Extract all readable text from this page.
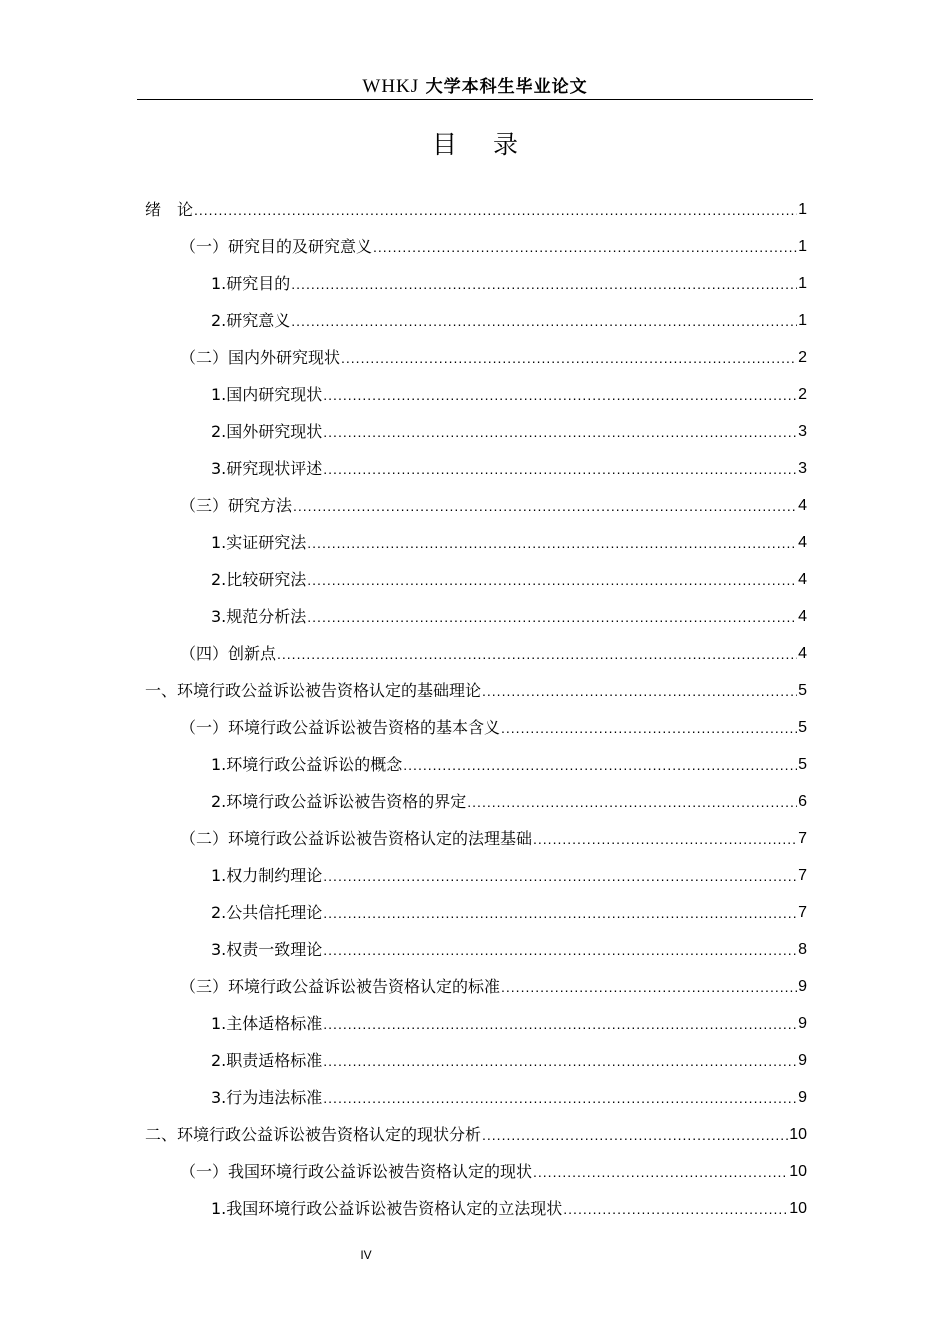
WHKJ 大学本科生毕业论文
目 录
绪　论 .....	1
（一）研究目的及研究意义 .....	1
1.研究目的 .....	1
2.研究意义 .....	1
（二）国内外研究现状 .....	2
1.国内研究现状 .....	2
2.国外研究现状 .....	3
3.研究现状评述 .....	3
（三）研究方法 .....	4
1.实证研究法 .....	4
2.比较研究法 .....	4
3.规范分析法 .....	4
（四）创新点 .....	4
一、环境行政公益诉讼被告资格认定的基础理论 .....	5
（一）环境行政公益诉讼被告资格的基本含义 .....	5
1.环境行政公益诉讼的概念 .....	5
2.环境行政公益诉讼被告资格的界定 .....	6
（二）环境行政公益诉讼被告资格认定的法理基础 .....	7
1.权力制约理论 .....	7
2.公共信托理论 .....	7
3.权责一致理论 .....	8
（三）环境行政公益诉讼被告资格认定的标准 .....	9
1.主体适格标准 .....	9
2.职责适格标准 .....	9
3.行为违法标准 .....	9
二、环境行政公益诉讼被告资格认定的现状分析 .....	10
（一）我国环境行政公益诉讼被告资格认定的现状 .....	10
1.我国环境行政公益诉讼被告资格认定的立法现状 .....	10
IV
